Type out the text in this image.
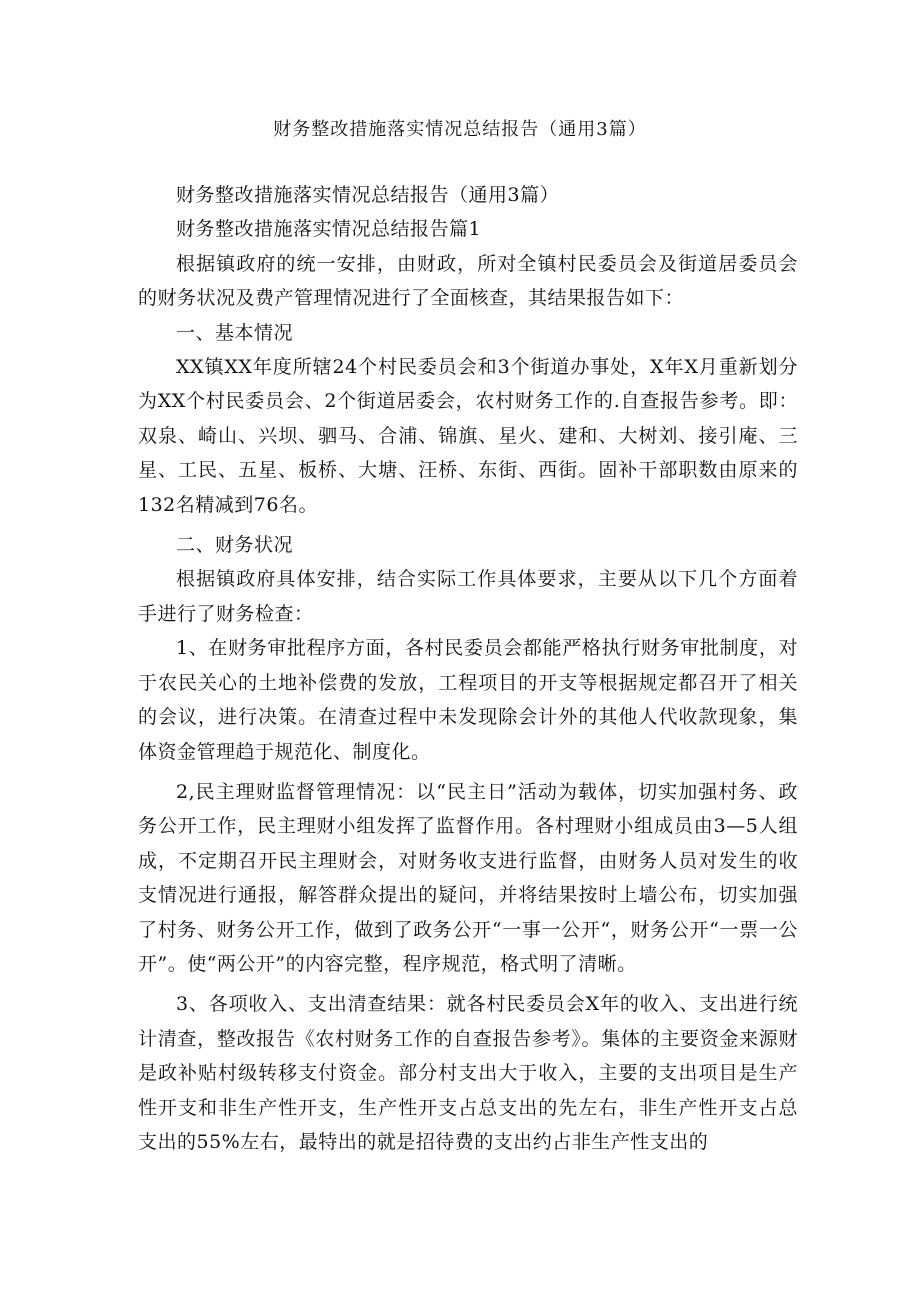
财务整改措施落实情况总结报告（通用3篇）

财务整改措施落实情况总结报告（通用3篇）

财务整改措施落实情况总结报告篇1

根据镇政府的统一安排，由财政，所对全镇村民委员会及街道居委员会的财务状况及费产管理情况进行了全面核查，其结果报告如下：

一、基本情况

XX镇XX年度所辖24个村民委员会和3个街道办事处，X年X月重新划分为XX个村民委员会、2个街道居委会，农村财务工作的.自查报告参考。即：双泉、崎山、兴坝、驷马、合浦、锦旗、星火、建和、大树刘、接引庵、三星、工民、五星、板桥、大塘、汪桥、东街、西街。固补干部职数由原来的132名精减到76名。

二、财务状况

根据镇政府具体安排，结合实际工作具体要求，主要从以下几个方面着手进行了财务检查：

1、在财务审批程序方面，各村民委员会都能严格执行财务审批制度，对于农民关心的土地补偿费的发放，工程项目的开支等根据规定都召开了相关的会议，进行决策。在清查过程中未发现除会计外的其他人代收款现象，集体资金管理趋于规范化、制度化。

2,民主理财监督管理情况：以“民主日”活动为载体，切实加强村务、政务公开工作，民主理财小组发挥了监督作用。各村理财小组成员由3—5人组成，不定期召开民主理财会，对财务收支进行监督，由财务人员对发生的收支情况进行通报，解答群众提出的疑问，并将结果按时上墙公布，切实加强了村务、财务公开工作，做到了政务公开“一事一公开“，财务公开“一票一公开”。使“两公开”的内容完整，程序规范，格式明了清晰。

3、各项收入、支出清查结果：就各村民委员会X年的收入、支出进行统计清查，整改报告《农村财务工作的自查报告参考》。集体的主要资金来源财是政补贴村级转移支付资金。部分村支出大于收入，主要的支出项目是生产性开支和非生产性开支，生产性开支占总支出的先左右，非生产性开支占总支出的55%左右，最特出的就是招待费的支出约占非生产性支出的
